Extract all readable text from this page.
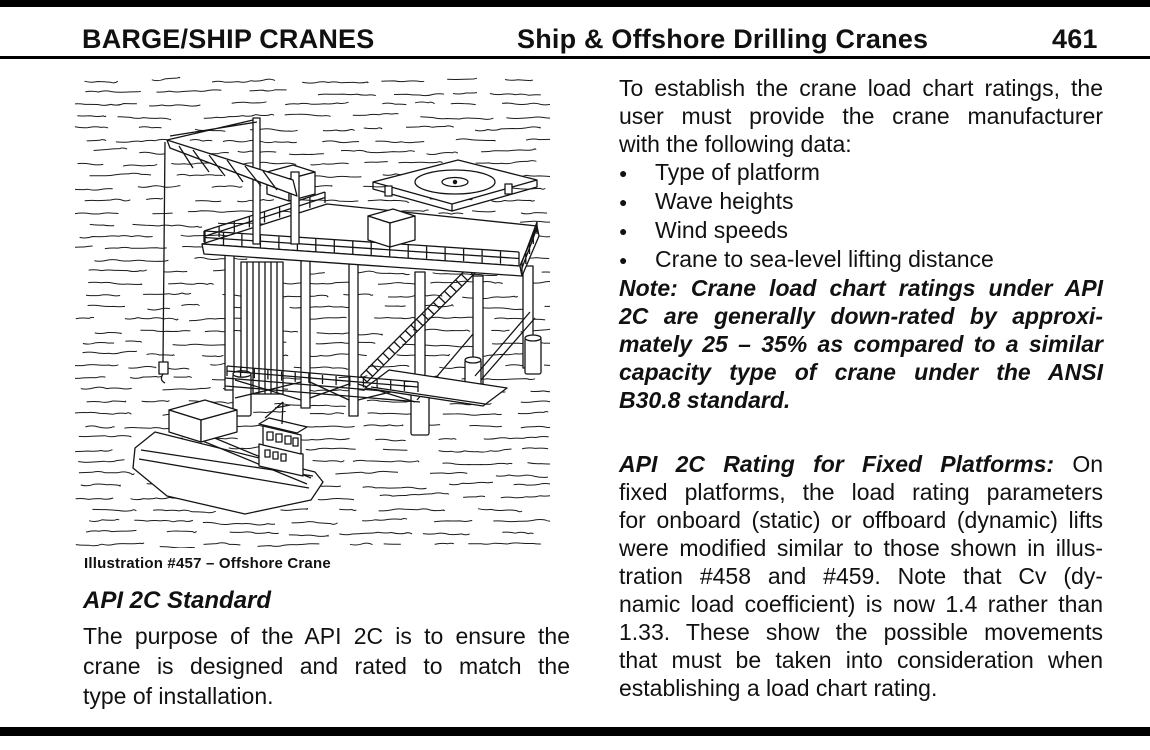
BARGE/SHIP CRANES	Ship & Offshore Drilling Cranes	461
Illustration #457 – Offshore Crane
API 2C Standard
The purpose of the API 2C is to ensure the
crane is designed and rated to match the
type of installation.
To establish the crane load chart ratings, the
user must provide the crane manufacturer
with the following data:
● Type of platform
● Wave heights
● Wind speeds
● Crane to sea-level lifting distance
Note: Crane load chart ratings under API
2C are generally down-rated by approxi-
mately 25 – 35% as compared to a similar
capacity type of crane under the ANSI
B30.8 standard.
API 2C Rating for Fixed Platforms: On
fixed platforms, the load rating parameters
for onboard (static) or offboard (dynamic) lifts
were modified similar to those shown in illus-
tration #458 and #459. Note that Cv (dy-
namic load coefficient) is now 1.4 rather than
1.33. These show the possible movements
that must be taken into consideration when
establishing a load chart rating.
